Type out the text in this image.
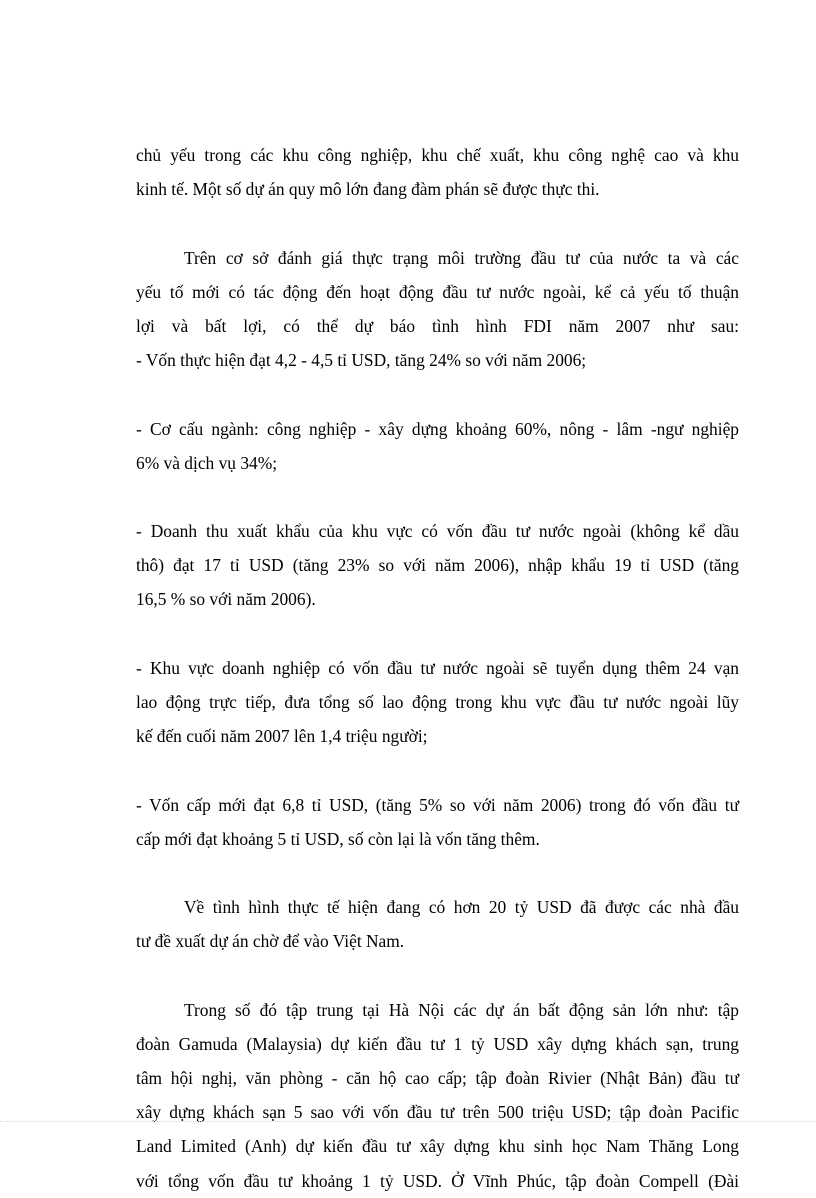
chủ yếu trong các khu công nghiệp, khu chế xuất, khu công nghệ cao và khu
kinh tế. Một số dự án quy mô lớn đang đàm phán sẽ được thực thi.
Trên cơ sở đánh giá thực trạng môi trường đầu tư của nước ta và các
yếu tố mới có tác động đến hoạt động đầu tư nước ngoài, kể cả yếu tố thuận
lợi và bất lợi, có thể dự báo tình hình FDI năm 2007 như sau:
- Vốn thực hiện đạt 4,2 - 4,5 tỉ USD, tăng 24% so với năm 2006;
- Cơ cấu ngành: công nghiệp - xây dựng khoảng 60%, nông - lâm -ngư nghiệp
6% và dịch vụ 34%;
- Doanh thu xuất khẩu của khu vực có vốn đầu tư nước ngoài (không kể dầu
thô) đạt 17 tỉ USD (tăng 23% so với năm 2006), nhập khẩu 19 tỉ USD (tăng
16,5 % so với năm 2006).
- Khu vực doanh nghiệp có vốn đầu tư nước ngoài sẽ tuyển dụng thêm 24 vạn
lao động trực tiếp, đưa tổng số lao động trong khu vực đầu tư nước ngoài lũy
kế đến cuối năm 2007 lên 1,4 triệu người;
- Vốn cấp mới đạt 6,8 tỉ USD, (tăng 5% so với năm 2006) trong đó vốn đầu tư
cấp mới đạt khoảng 5 tỉ USD, số còn lại là vốn tăng thêm.
Về tình hình thực tế hiện đang có hơn 20 tỷ USD đã được các nhà đầu
tư đề xuất dự án chờ để vào Việt Nam.
Trong số đó tập trung tại Hà Nội các dự án bất động sản lớn như: tập
đoàn Gamuda (Malaysia) dự kiến đầu tư 1 tỷ USD xây dựng khách sạn, trung
tâm hội nghị, văn phòng - căn hộ cao cấp; tập đoàn Rivier (Nhật Bản) đầu tư
xây dựng khách sạn 5 sao với vốn đầu tư trên 500 triệu USD; tập đoàn Pacific
Land Limited (Anh) dự kiến đầu tư xây dựng khu sinh học Nam Thăng Long
với tổng vốn đầu tư khoảng 1 tỷ USD. Ở Vĩnh Phúc, tập đoàn Compell (Đài
